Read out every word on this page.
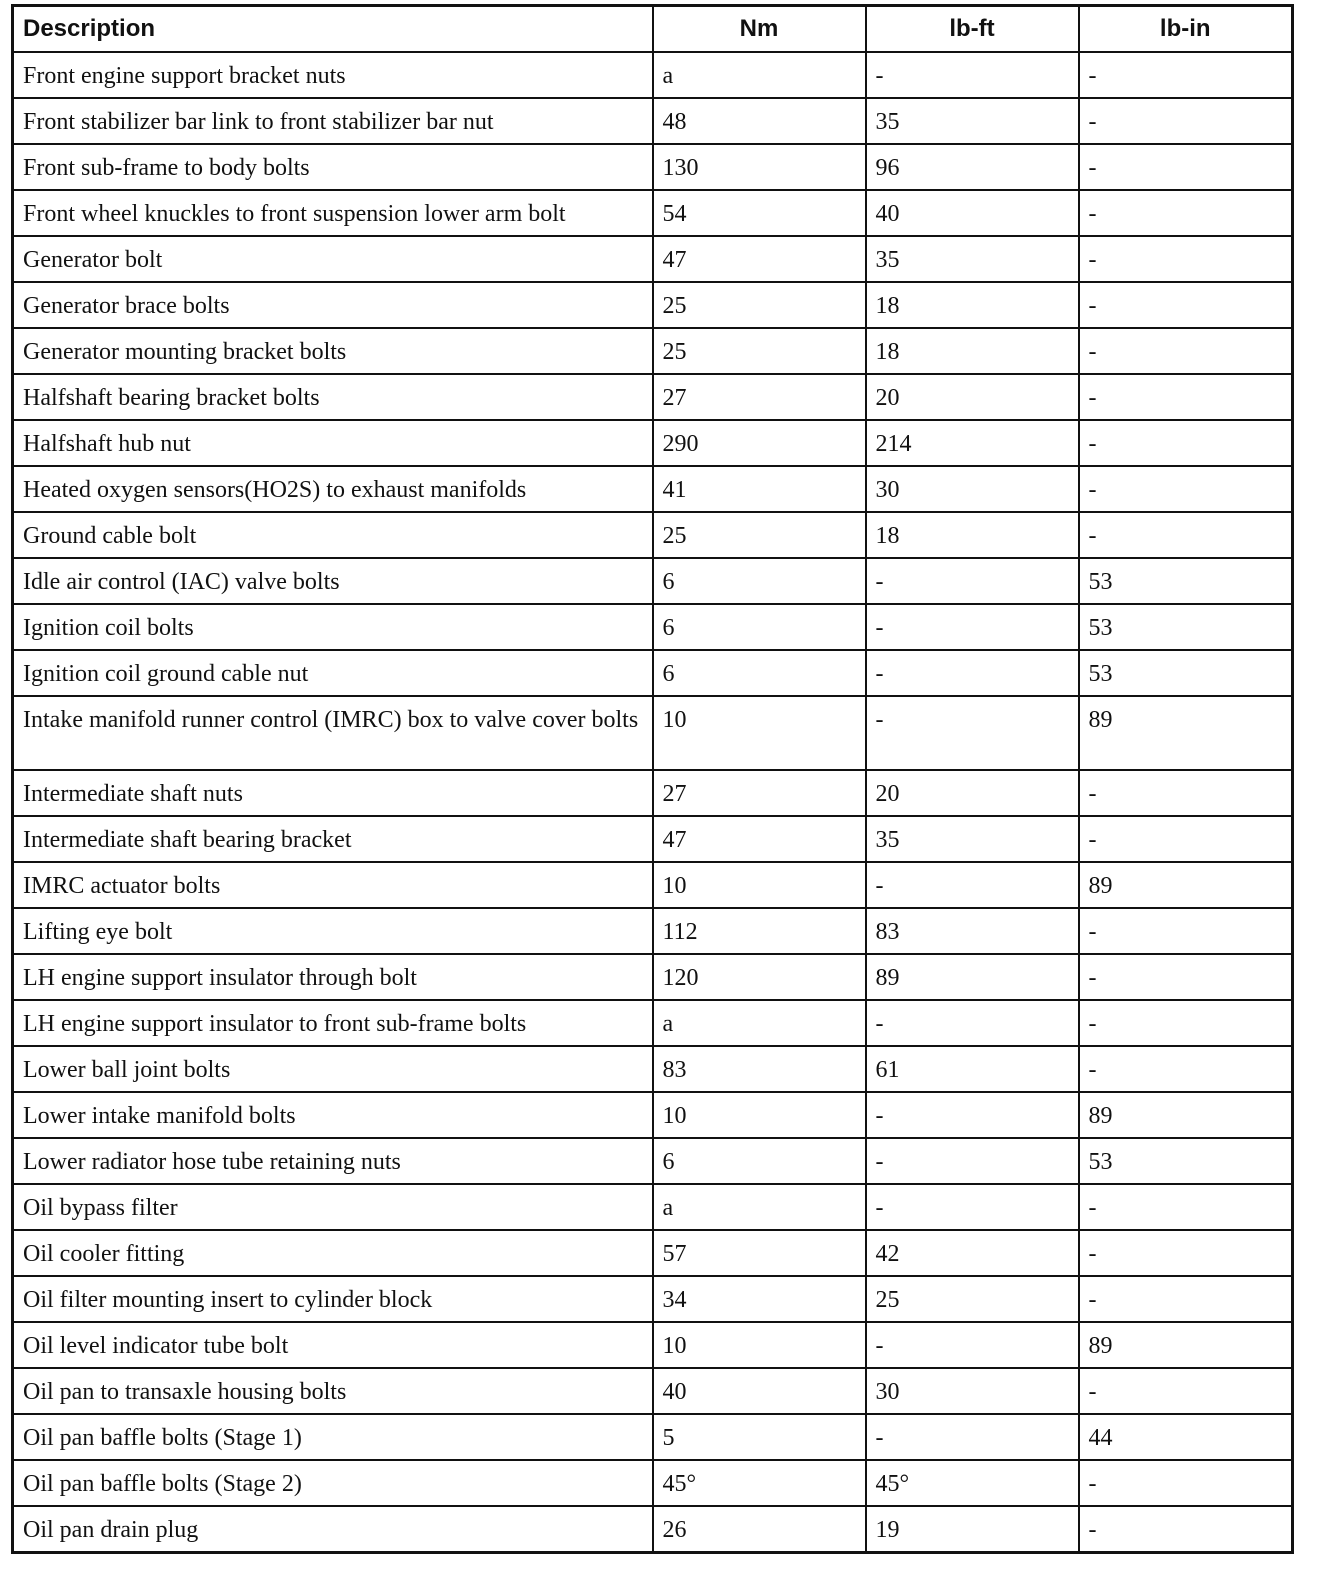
Description	Nm	lb-ft	lb-in
Front engine support bracket nuts	a	-	-
Front stabilizer bar link to front stabilizer bar nut	48	35	-
Front sub-frame to body bolts	130	96	-
Front wheel knuckles to front suspension lower arm bolt	54	40	-
Generator bolt	47	35	-
Generator brace bolts	25	18	-
Generator mounting bracket bolts	25	18	-
Halfshaft bearing bracket bolts	27	20	-
Halfshaft hub nut	290	214	-
Heated oxygen sensors(HO2S) to exhaust manifolds	41	30	-
Ground cable bolt	25	18	-
Idle air control (IAC) valve bolts	6	-	53
Ignition coil bolts	6	-	53
Ignition coil ground cable nut	6	-	53
Intake manifold runner control (IMRC) box to valve cover bolts	10	-	89
Intermediate shaft nuts	27	20	-
Intermediate shaft bearing bracket	47	35	-
IMRC actuator bolts	10	-	89
Lifting eye bolt	112	83	-
LH engine support insulator through bolt	120	89	-
LH engine support insulator to front sub-frame bolts	a	-	-
Lower ball joint bolts	83	61	-
Lower intake manifold bolts	10	-	89
Lower radiator hose tube retaining nuts	6	-	53
Oil bypass filter	a	-	-
Oil cooler fitting	57	42	-
Oil filter mounting insert to cylinder block	34	25	-
Oil level indicator tube bolt	10	-	89
Oil pan to transaxle housing bolts	40	30	-
Oil pan baffle bolts (Stage 1)	5	-	44
Oil pan baffle bolts (Stage 2)	45°	45°	-
Oil pan drain plug	26	19	-
